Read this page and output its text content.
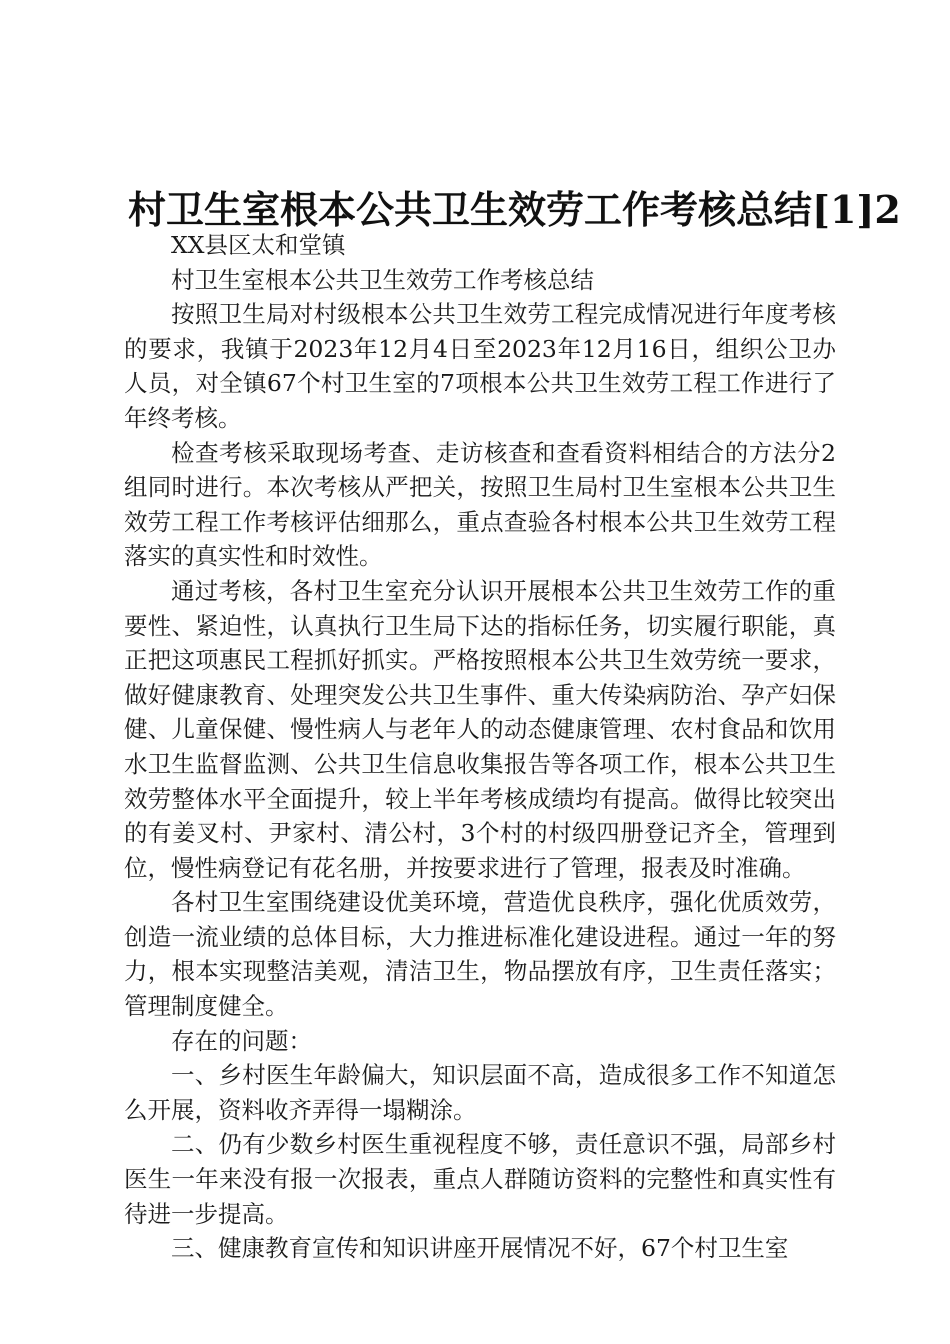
村卫生室根本公共卫生效劳工作考核总结[1]2

XX县区太和堂镇

村卫生室根本公共卫生效劳工作考核总结

按照卫生局对村级根本公共卫生效劳工程完成情况进行年度考核的要求，我镇于2023年12月4日至2023年12月16日，组织公卫办人员，对全镇67个村卫生室的7项根本公共卫生效劳工程工作进行了年终考核。

检查考核采取现场考查、走访核查和查看资料相结合的方法分2组同时进行。本次考核从严把关，按照卫生局村卫生室根本公共卫生效劳工程工作考核评估细那么，重点查验各村根本公共卫生效劳工程落实的真实性和时效性。

通过考核，各村卫生室充分认识开展根本公共卫生效劳工作的重要性、紧迫性，认真执行卫生局下达的指标任务，切实履行职能，真正把这项惠民工程抓好抓实。严格按照根本公共卫生效劳统一要求，做好健康教育、处理突发公共卫生事件、重大传染病防治、孕产妇保健、儿童保健、慢性病人与老年人的动态健康管理、农村食品和饮用水卫生监督监测、公共卫生信息收集报告等各项工作，根本公共卫生效劳整体水平全面提升，较上半年考核成绩均有提高。做得比较突出的有姜叉村、尹家村、清公村，3个村的村级四册登记齐全，管理到位，慢性病登记有花名册，并按要求进行了管理，报表及时准确。

各村卫生室围绕建设优美环境，营造优良秩序，强化优质效劳，创造一流业绩的总体目标，大力推进标准化建设进程。通过一年的努力，根本实现整洁美观，清洁卫生，物品摆放有序，卫生责任落实；管理制度健全。

存在的问题：

一、乡村医生年龄偏大，知识层面不高，造成很多工作不知道怎么开展，资料收齐弄得一塌糊涂。

二、仍有少数乡村医生重视程度不够，责任意识不强，局部乡村医生一年来没有报一次报表，重点人群随访资料的完整性和真实性有待进一步提高。

三、健康教育宣传和知识讲座开展情况不好，67个村卫生室
